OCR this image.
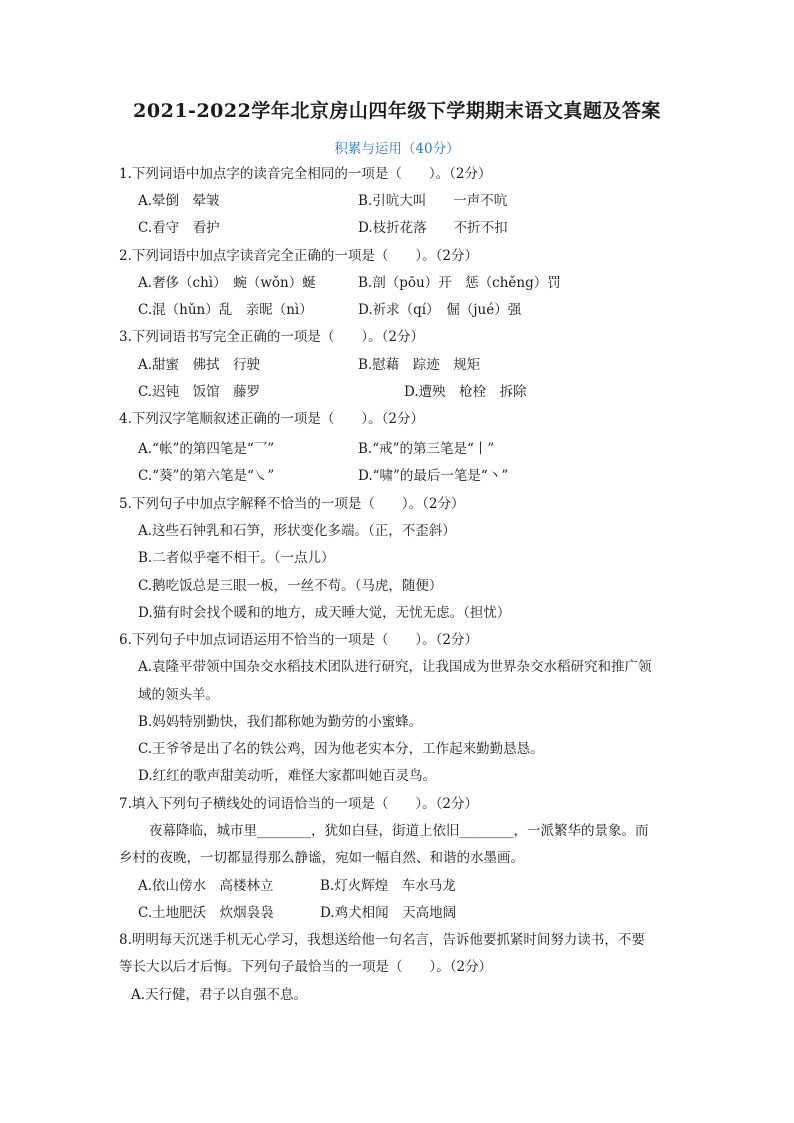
2021-2022学年北京房山四年级下学期期末语文真题及答案
积累与运用（40分）
1.下列词语中加点字的读音完全相同的一项是（　　）。（2分）
A.晕倒　晕皱	B.引吭大叫　　一声不吭
C.看守　看护	D.枝折花落　　不折不扣
2.下列词语中加点字读音完全正确的一项是（　　）。（2分）
A.奢侈（chì）　蜿（wǒn）蜒	B.剖（pōu）开　惩（chěng）罚
C.混（hǔn）乱　亲昵（nì）	D.祈求（qí）　倔（jué）强
3.下列词语书写完全正确的一项是（　　）。（2分）
A.甜蜜　佛拭　行驶	B.慰藉　踪迹　规矩
C.迟钝　饭馆　藤罗	D.遭殃　枪栓　拆除
4.下列汉字笔顺叙述正确的一项是（　　）。（2分）
A.“帐”的第四笔是“乛”	B.“戒”的第三笔是“丨”
C.“葵”的第六笔是“㇏”	D.“啸”的最后一笔是“丶”
5.下列句子中加点字解释不恰当的一项是（　　）。（2分）
A.这些石钟乳和石笋，形状变化多端。（正，不歪斜）
B.二者似乎毫不相干。（一点儿）
C.鹅吃饭总是三眼一板，一丝不苟。（马虎，随便）
D.猫有时会找个暖和的地方，成天睡大觉，无忧无虑。（担忧）
6.下列句子中加点词语运用不恰当的一项是（　　）。（2分）
A.袁隆平带领中国杂交水稻技术团队进行研究，让我国成为世界杂交水稻研究和推广领
域的领头羊。
B.妈妈特别勤快，我们都称她为勤劳的小蜜蜂。
C.王爷爷是出了名的铁公鸡，因为他老实本分，工作起来勤勤恳恳。
D.红红的歌声甜美动听，难怪大家都叫她百灵鸟。
7.填入下列句子横线处的词语恰当的一项是（　　）。（2分）
夜幕降临，城市里________，犹如白昼，街道上依旧________，一派繁华的景象。而
乡村的夜晚，一切都显得那么静谧，宛如一幅自然、和谐的水墨画。
A.依山傍水　高楼林立	B.灯火辉煌　车水马龙
C.土地肥沃　炊烟袅袅	D.鸡犬相闻　天高地阔
8.明明每天沉迷手机无心学习，我想送给他一句名言，告诉他要抓紧时间努力读书，不要
等长大以后才后悔。下列句子最恰当的一项是（　　）。（2分）
A.天行健，君子以自强不息。
